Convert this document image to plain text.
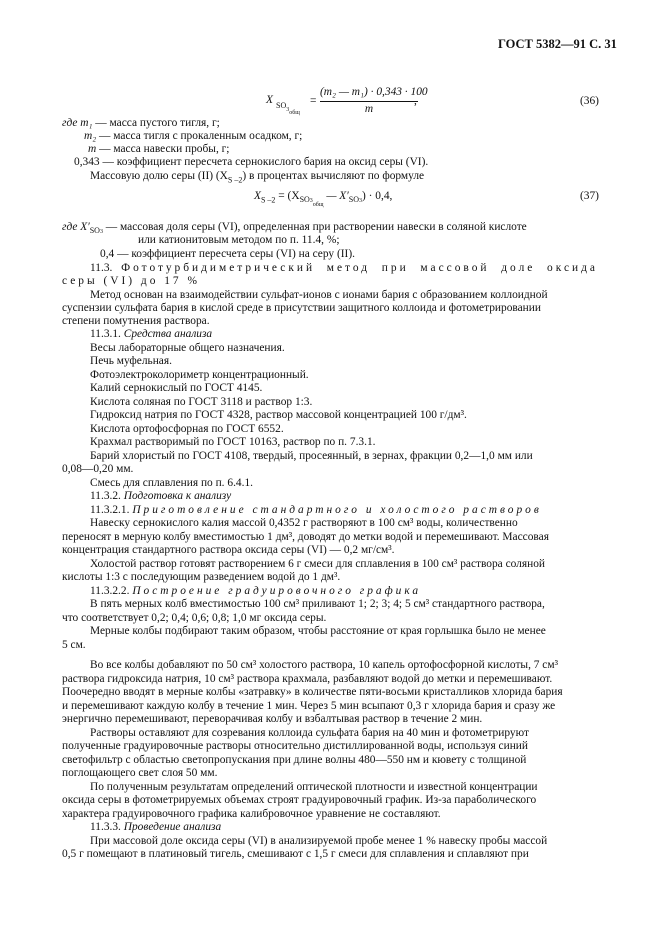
ГОСТ 5382—91 С. 31
X $SO_{3общ}$
=
(m₂ — m₁) · 0,343 · 100
m
,	(36)
где m₁ — масса пустого тигля, г;
m₂ — масса тигля с прокаленным осадком, г;
m — масса навески пробы, г;
0,343 — коэффициент пересчета сернокислого бария на оксид серы (VI).
Массовую долю серы (II) $(X_{S -2})$ в процентах вычисляют по формуле
$X_{S -2} = (X_{SO3_{общ}}$ — $X'_{SO3}) \cdot 0,4$,	(37)
где $X'_{SO3}$ — массовая доля серы (VI), определенная при растворении навески в соляной кислоте
или катионитовым методом по п. 11.4, %;
0,4 — коэффициент пересчета серы (VI) на серу (II).
11.3. Фототурбидиметрический метод при массовой доле оксида
серы (VI) до 17 %
Метод основан на взаимодействии сульфат-ионов с ионами бария с образованием коллоидной
суспензии сульфата бария в кислой среде в присутствии защитного коллоида и фотометрировании
степени помутнения раствора.
11.3.1. Средства анализа
Весы лабораторные общего назначения.
Печь муфельная.
Фотоэлектроколориметр концентрационный.
Калий сернокислый по ГОСТ 4145.
Кислота соляная по ГОСТ 3118 и раствор 1:3.
Гидроксид натрия по ГОСТ 4328, раствор массовой концентрацией 100 г/дм³.
Кислота ортофосфорная по ГОСТ 6552.
Крахмал растворимый по ГОСТ 10163, раствор по п. 7.3.1.
Барий хлористый по ГОСТ 4108, твердый, просеянный, в зернах, фракции 0,2—1,0 мм или
0,08—0,20 мм.
Смесь для сплавления по п. 6.4.1.
11.3.2. Подготовка к анализу
11.3.2.1. Приготовление стандартного и холостого растворов
Навеску сернокислого калия массой 0,4352 г растворяют в 100 см³ воды, количественно
переносят в мерную колбу вместимостью 1 дм³, доводят до метки водой и перемешивают. Массовая
концентрация стандартного раствора оксида серы (VI) — 0,2 мг/см³.
Холостой раствор готовят растворением 6 г смеси для сплавления в 100 см³ раствора соляной
кислоты 1:3 с последующим разведением водой до 1 дм³.
11.3.2.2. Построение градуировочного графика
В пять мерных колб вместимостью 100 см³ приливают 1; 2; 3; 4; 5 см³ стандартного раствора,
что соответствует 0,2; 0,4; 0,6; 0,8; 1,0 мг оксида серы.
Мерные колбы подбирают таким образом, чтобы расстояние от края горлышка было не менее
5 см.
Во все колбы добавляют по 50 см³ холостого раствора, 10 капель ортофосфорной кислоты, 7 см³
раствора гидроксида натрия, 10 см³ раствора крахмала, разбавляют водой до метки и перемешивают.
Поочередно вводят в мерные колбы «затравку» в количестве пяти-восьми кристалликов хлорида бария
и перемешивают каждую колбу в течение 1 мин. Через 5 мин всыпают 0,3 г хлорида бария и сразу же
энергично перемешивают, переворачивая колбу и взбалтывая раствор в течение 2 мин.
Растворы оставляют для созревания коллоида сульфата бария на 40 мин и фотометрируют
полученные градуировочные растворы относительно дистиллированной воды, используя синий
светофильтр с областью светопропускания при длине волны 480—550 нм и кювету с толщиной
поглощающего свет слоя 50 мм.
По полученным результатам определений оптической плотности и известной концентрации
оксида серы в фотометрируемых объемах строят градуировочный график. Из-за параболического
характера градуировочного графика калибровочное уравнение не составляют.
11.3.3. Проведение анализа
При массовой доле оксида серы (VI) в анализируемой пробе менее 1 % навеску пробы массой
0,5 г помещают в платиновый тигель, смешивают с 1,5 г смеси для сплавления и сплавляют при
